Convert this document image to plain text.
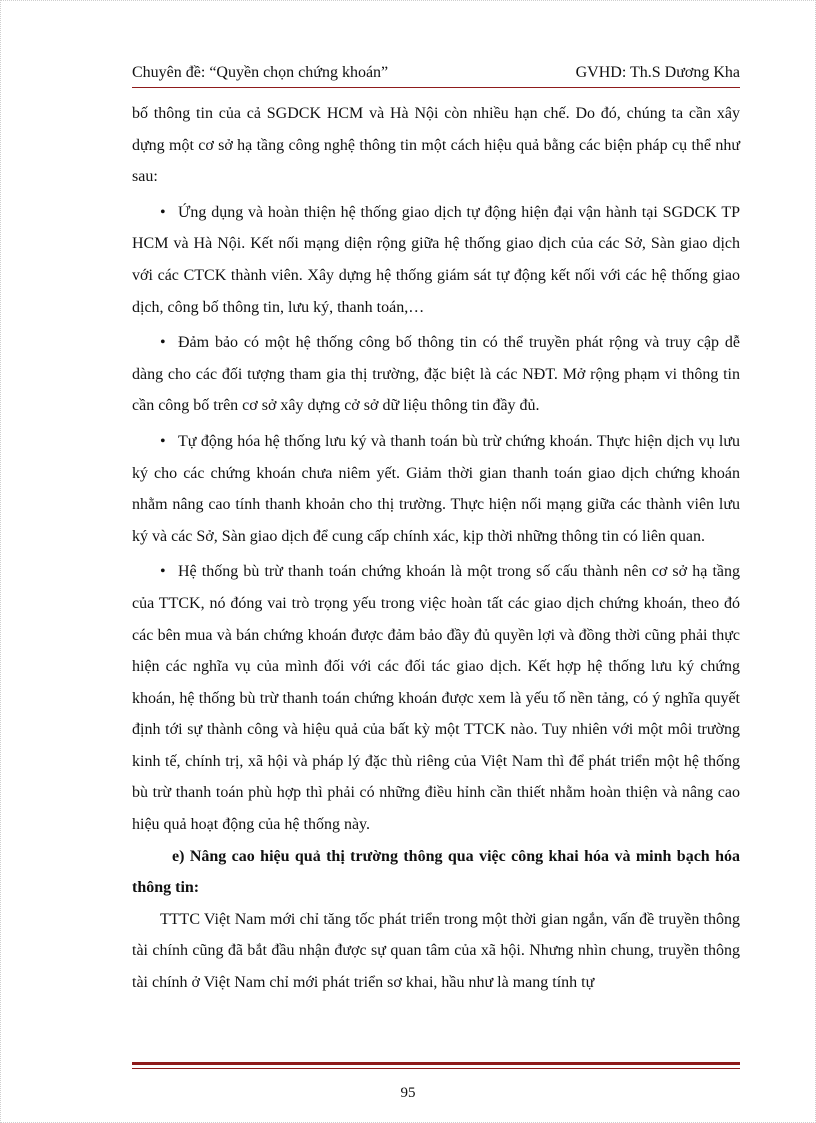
Chuyên đề: “Quyền chọn chứng khoán”	GVHD: Th.S Dương Kha

bố thông tin của cả SGDCK HCM và Hà Nội còn nhiều hạn chế. Do đó, chúng ta cần xây dựng một cơ sở hạ tầng công nghệ thông tin một cách hiệu quả bằng các biện pháp cụ thể như sau:

• Ứng dụng và hoàn thiện hệ thống giao dịch tự động hiện đại vận hành tại SGDCK TP HCM và Hà Nội. Kết nối mạng diện rộng giữa hệ thống giao dịch của các Sở, Sàn giao dịch với các CTCK thành viên. Xây dựng hệ thống giám sát tự động kết nối với các hệ thống giao dịch, công bố thông tin, lưu ký, thanh toán,…

• Đảm bảo có một hệ thống công bố thông tin có thể truyền phát rộng và truy cập dễ dàng cho các đối tượng tham gia thị trường, đặc biệt là các NĐT. Mở rộng phạm vi thông tin cần công bố trên cơ sở xây dựng cở sở dữ liệu thông tin đầy đủ.

• Tự động hóa hệ thống lưu ký và thanh toán bù trừ chứng khoán. Thực hiện dịch vụ lưu ký cho các chứng khoán chưa niêm yết. Giảm thời gian thanh toán giao dịch chứng khoán nhằm nâng cao tính thanh khoản cho thị trường. Thực hiện nối mạng giữa các thành viên lưu ký và các Sở, Sàn giao dịch để cung cấp chính xác, kịp thời những thông tin có liên quan.

• Hệ thống bù trừ thanh toán chứng khoán là một trong số cấu thành nên cơ sở hạ tầng của TTCK, nó đóng vai trò trọng yếu trong việc hoàn tất các giao dịch chứng khoán, theo đó các bên mua và bán chứng khoán được đảm bảo đầy đủ quyền lợi và đồng thời cũng phải thực hiện các nghĩa vụ của mình đối với các đối tác giao dịch. Kết hợp hệ thống lưu ký chứng khoán, hệ thống bù trừ thanh toán chứng khoán được xem là yếu tố nền tảng, có ý nghĩa quyết định tới sự thành công và hiệu quả của bất kỳ một TTCK nào. Tuy nhiên với một môi trường kinh tế, chính trị, xã hội và pháp lý đặc thù riêng của Việt Nam thì để phát triển một hệ thống bù trừ thanh toán phù hợp thì phải có những điều hỉnh cần thiết nhằm hoàn thiện và nâng cao hiệu quả hoạt động của hệ thống này.

e) Nâng cao hiệu quả thị trường thông qua việc công khai hóa và minh bạch hóa thông tin:

TTTC Việt Nam mới chỉ tăng tốc phát triển trong một thời gian ngắn, vấn đề truyền thông tài chính cũng đã bắt đầu nhận được sự quan tâm của xã hội. Nhưng nhìn chung, truyền thông tài chính ở Việt Nam chỉ mới phát triển sơ khai, hầu như là mang tính tự

95
